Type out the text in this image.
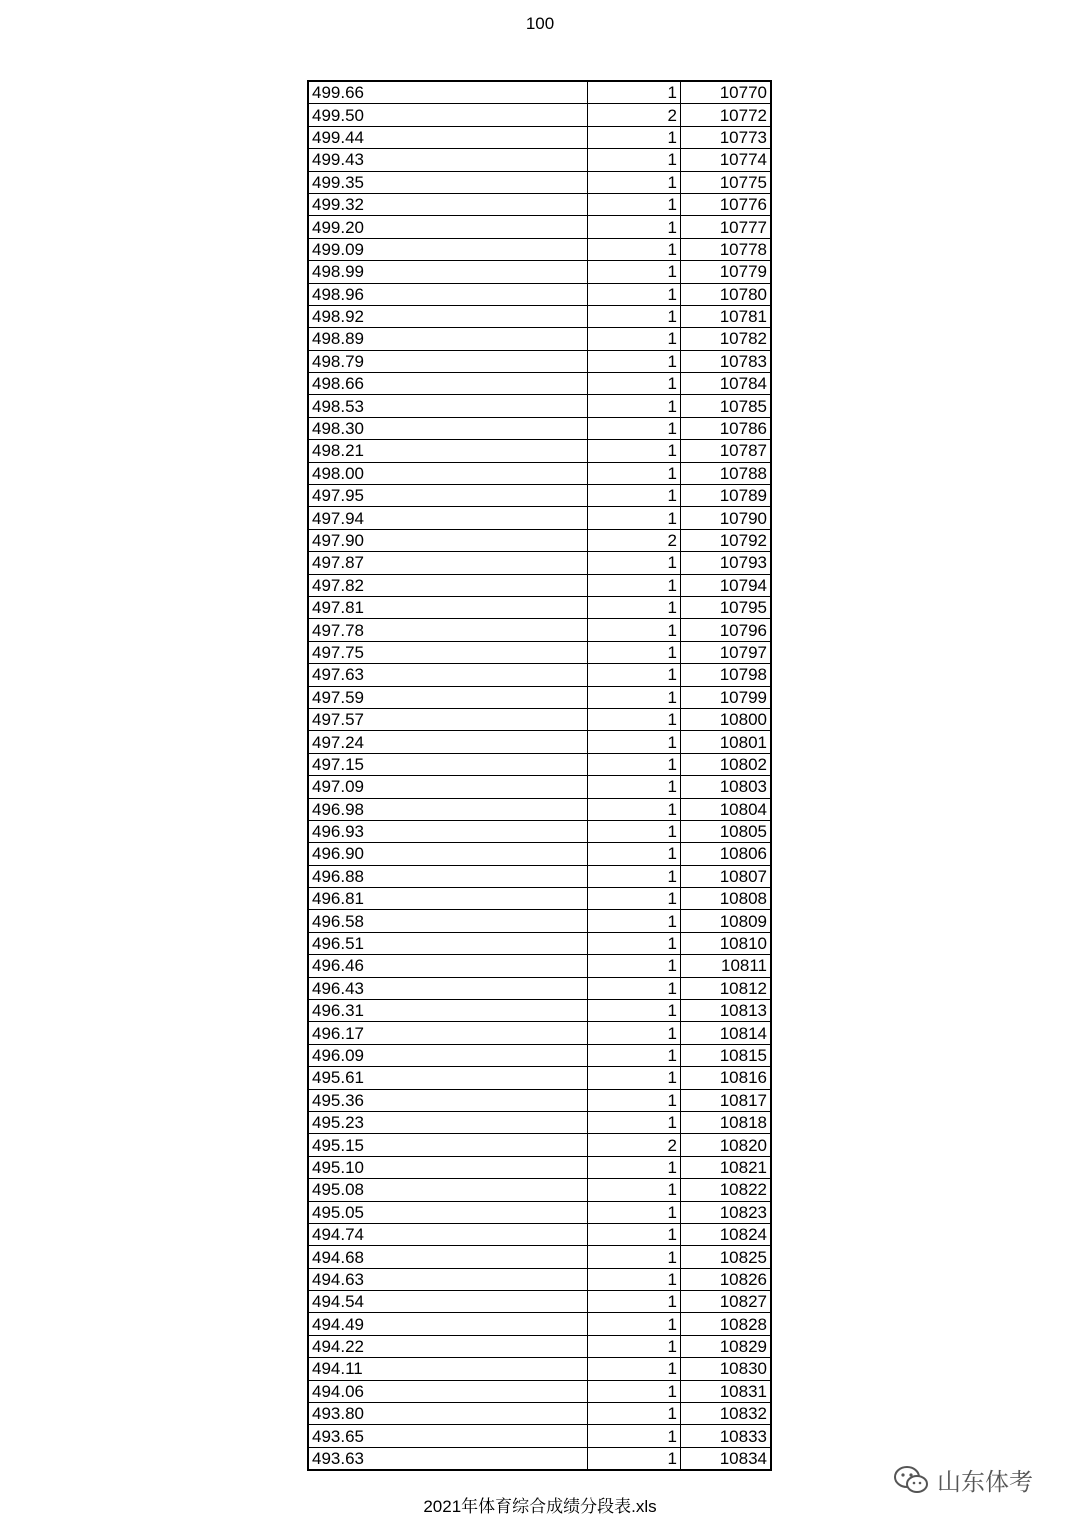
100
499.66	1	10770
499.50	2	10772
499.44	1	10773
499.43	1	10774
499.35	1	10775
499.32	1	10776
499.20	1	10777
499.09	1	10778
498.99	1	10779
498.96	1	10780
498.92	1	10781
498.89	1	10782
498.79	1	10783
498.66	1	10784
498.53	1	10785
498.30	1	10786
498.21	1	10787
498.00	1	10788
497.95	1	10789
497.94	1	10790
497.90	2	10792
497.87	1	10793
497.82	1	10794
497.81	1	10795
497.78	1	10796
497.75	1	10797
497.63	1	10798
497.59	1	10799
497.57	1	10800
497.24	1	10801
497.15	1	10802
497.09	1	10803
496.98	1	10804
496.93	1	10805
496.90	1	10806
496.88	1	10807
496.81	1	10808
496.58	1	10809
496.51	1	10810
496.46	1	10811
496.43	1	10812
496.31	1	10813
496.17	1	10814
496.09	1	10815
495.61	1	10816
495.36	1	10817
495.23	1	10818
495.15	2	10820
495.10	1	10821
495.08	1	10822
495.05	1	10823
494.74	1	10824
494.68	1	10825
494.63	1	10826
494.54	1	10827
494.49	1	10828
494.22	1	10829
494.11	1	10830
494.06	1	10831
493.80	1	10832
493.65	1	10833
493.63	1	10834
2021年体育综合成绩分段表.xls
山东体考
